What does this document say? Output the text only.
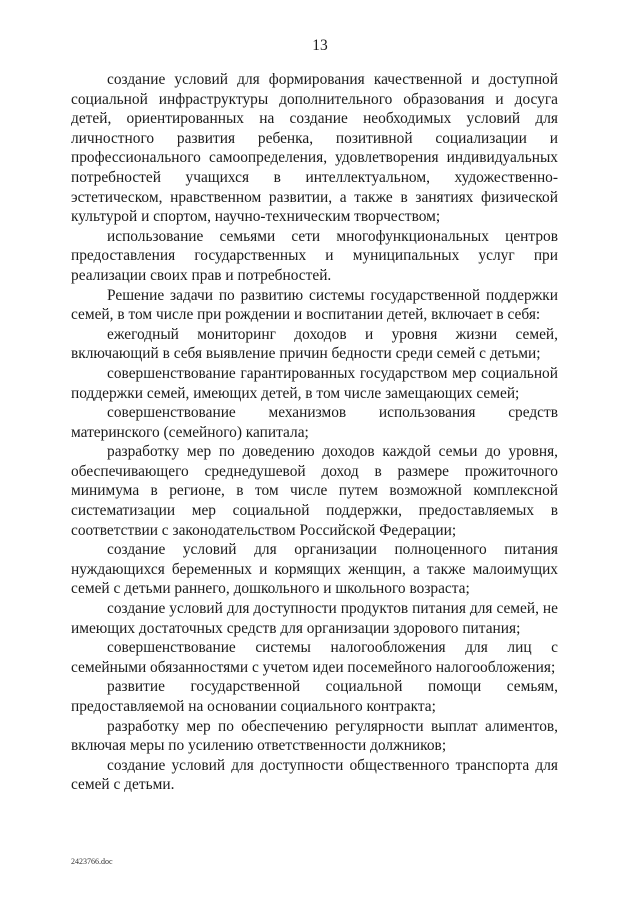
13

создание условий для формирования качественной и доступной социальной инфраструктуры дополнительного образования и досуга детей, ориентированных на создание необходимых условий для личностного развития ребенка, позитивной социализации и профессионального самоопределения, удовлетворения индивидуальных потребностей учащихся в интеллектуальном, художественно-эстетическом, нравственном развитии, а также в занятиях физической культурой и спортом, научно-техническим творчеством;

использование семьями сети многофункциональных центров предоставления государственных и муниципальных услуг при реализации своих прав и потребностей.

Решение задачи по развитию системы государственной поддержки семей, в том числе при рождении и воспитании детей, включает в себя:

ежегодный мониторинг доходов и уровня жизни семей, включающий в себя выявление причин бедности среди семей с детьми;

совершенствование гарантированных государством мер социальной поддержки семей, имеющих детей, в том числе замещающих семей;

совершенствование механизмов использования средств материнского (семейного) капитала;

разработку мер по доведению доходов каждой семьи до уровня, обеспечивающего среднедушевой доход в размере прожиточного минимума в регионе, в том числе путем возможной комплексной систематизации мер социальной поддержки, предоставляемых в соответствии с законодательством Российской Федерации;

создание условий для организации полноценного питания нуждающихся беременных и кормящих женщин, а также малоимущих семей с детьми раннего, дошкольного и школьного возраста;

создание условий для доступности продуктов питания для семей, не имеющих достаточных средств для организации здорового питания;

совершенствование системы налогообложения для лиц с семейными обязанностями с учетом идеи посемейного налогообложения;

развитие государственной социальной помощи семьям, предоставляемой на основании социального контракта;

разработку мер по обеспечению регулярности выплат алиментов, включая меры по усилению ответственности должников;

создание условий для доступности общественного транспорта для семей с детьми.

2423766.doc
